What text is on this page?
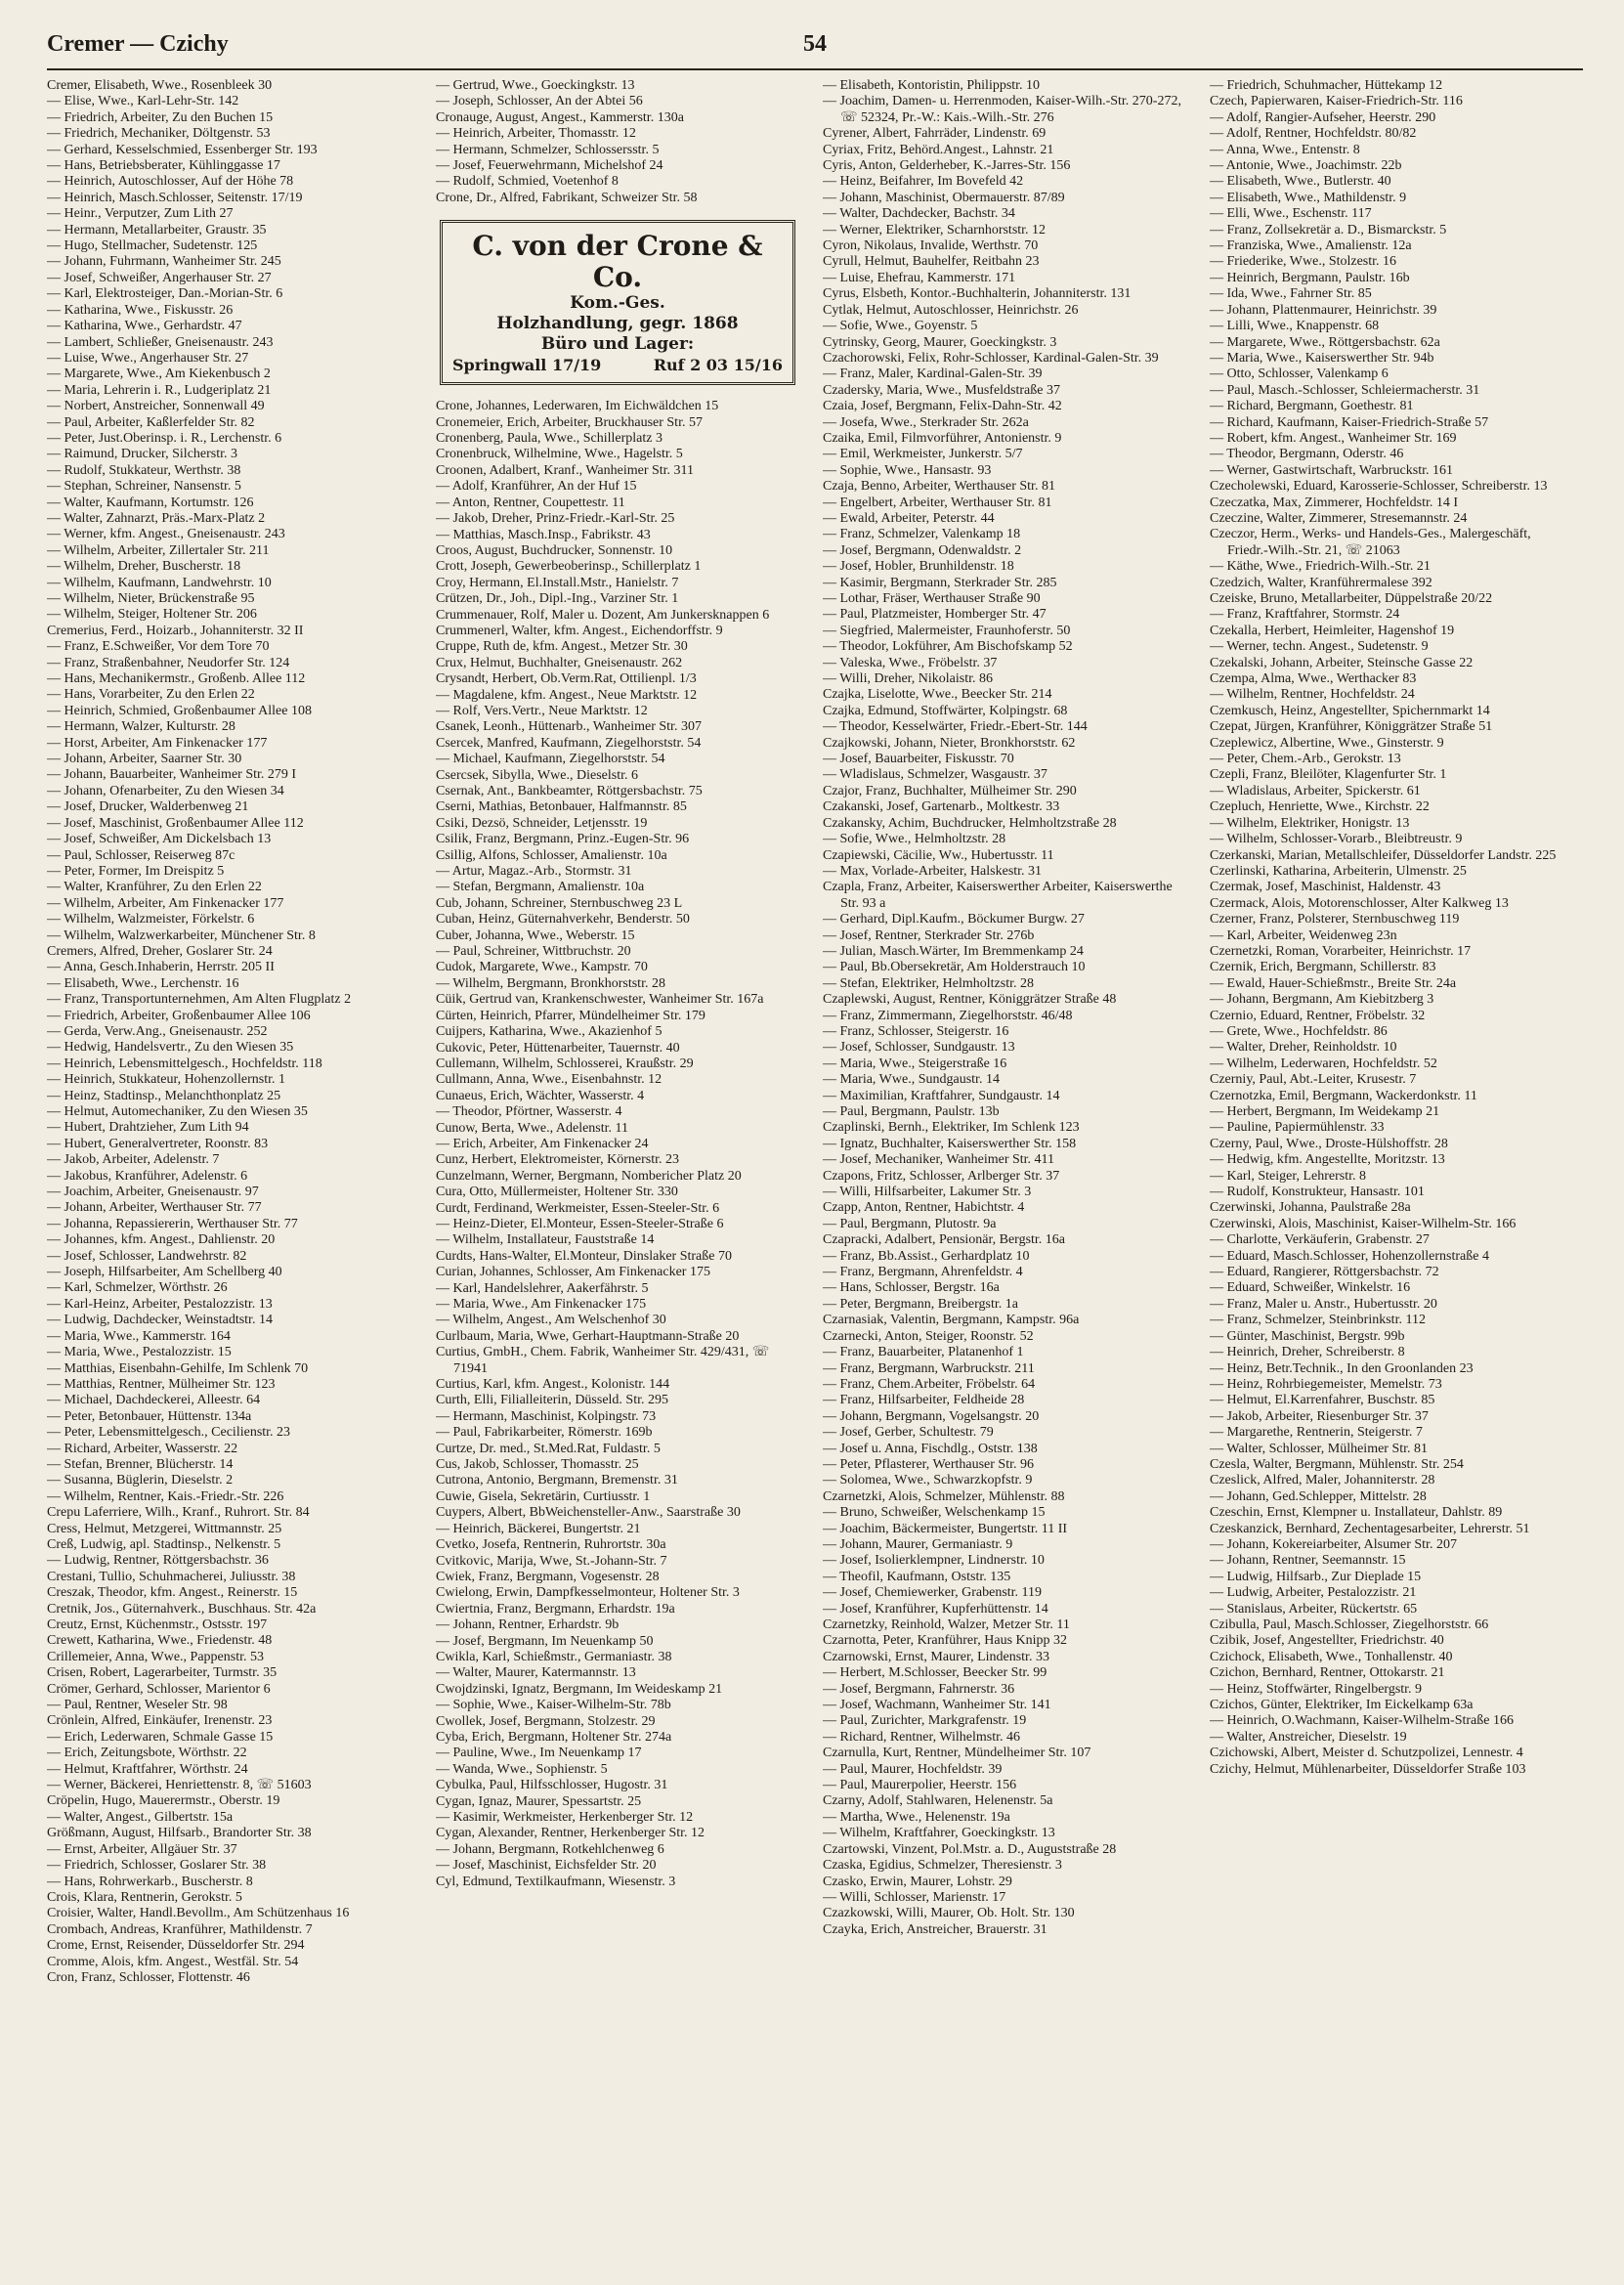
Cremer — Czichy	54
Cremer, Elisabeth, Wwe., Rosenbleek 30
— Elise, Wwe., Karl-Lehr-Str. 142
— Friedrich, Arbeiter, Zu den Buchen 15
— Friedrich, Mechaniker, Döltgenstr. 53
— Gerhard, Kesselschmied, Essenberger Str. 193
— Hans, Betriebsberater, Kühlinggasse 17
— Heinrich, Autoschlosser, Auf der Höhe 78
— Heinrich, Masch.Schlosser, Seitenstr. 17/19
— Heinr., Verputzer, Zum Lith 27
— Hermann, Metallarbeiter, Graustr. 35
— Hugo, Stellmacher, Sudetenstr. 125
— Johann, Fuhrmann, Wanheimer Str. 245
— Josef, Schweißer, Angerhauser Str. 27
— Karl, Elektrosteiger, Dan.-Morian-Str. 6
— Katharina, Wwe., Fiskusstr. 26
— Katharina, Wwe., Gerhardstr. 47
— Lambert, Schließer, Gneisenaustr. 243
— Luise, Wwe., Angerhauser Str. 27
— Margarete, Wwe., Am Kiekenbusch 2
— Maria, Lehrerin i. R., Ludgeriplatz 21
— Norbert, Anstreicher, Sonnenwall 49
— Paul, Arbeiter, Kaßlerfelder Str. 82
— Peter, Just.Oberinsp. i. R., Lerchenstr. 6
— Raimund, Drucker, Silcherstr. 3
— Rudolf, Stukkateur, Werthstr. 38
— Stephan, Schreiner, Nansenstr. 5
— Walter, Kaufmann, Kortumstr. 126
— Walter, Zahnarzt, Präs.-Marx-Platz 2
— Werner, kfm. Angest., Gneisenaustr. 243
— Wilhelm, Arbeiter, Zillertaler Str. 211
— Wilhelm, Dreher, Buscherstr. 18
— Wilhelm, Kaufmann, Landwehrstr. 10
— Wilhelm, Nieter, Brückenstraße 95
— Wilhelm, Steiger, Holtener Str. 206
Cremerius, Ferd., Hoizarb., Johanniterstr. 32 II
— Franz, E.Schweißer, Vor dem Tore 70
— Franz, Straßenbahner, Neudorfer Str. 124
— Hans, Mechanikermstr., Großenb. Allee 112
— Hans, Vorarbeiter, Zu den Erlen 22
— Heinrich, Schmied, Großenbaumer Allee 108
— Hermann, Walzer, Kulturstr. 28
— Horst, Arbeiter, Am Finkenacker 177
— Johann, Arbeiter, Saarner Str. 30
— Johann, Bauarbeiter, Wanheimer Str. 279 I
— Johann, Ofenarbeiter, Zu den Wiesen 34
— Josef, Drucker, Walderbenweg 21
— Josef, Maschinist, Großenbaumer Allee 112
— Josef, Schweißer, Am Dickelsbach 13
— Paul, Schlosser, Reiserweg 87c
— Peter, Former, Im Dreispitz 5
— Walter, Kranführer, Zu den Erlen 22
— Wilhelm, Arbeiter, Am Finkenacker 177
— Wilhelm, Walzmeister, Förkelstr. 6
— Wilhelm, Walzwerkarbeiter, Münchener Str. 8
Cremers, Alfred, Dreher, Goslarer Str. 24
— Anna, Gesch.Inhaberin, Herrstr. 205 II
— Elisabeth, Wwe., Lerchenstr. 16
— Franz, Transportunternehmen, Am Alten Flugplatz 2
— Friedrich, Arbeiter, Großenbaumer Allee 106
— Gerda, Verw.Ang., Gneisenaustr. 252
— Hedwig, Handelsvertr., Zu den Wiesen 35
— Heinrich, Lebensmittelgesch., Hochfeldstr. 118
— Heinrich, Stukkateur, Hohenzollernstr. 1
— Heinz, Stadtinsp., Melanchthonplatz 25
— Helmut, Automechaniker, Zu den Wiesen 35
— Hubert, Drahtzieher, Zum Lith 94
— Hubert, Generalvertreter, Roonstr. 83
— Jakob, Arbeiter, Adelenstr. 7
— Jakobus, Kranführer, Adelenstr. 6
— Joachim, Arbeiter, Gneisenaustr. 97
— Johann, Arbeiter, Werthauser Str. 77
— Johanna, Repassiererin, Werthauser Str. 77
— Johannes, kfm. Angest., Dahlienstr. 20
— Josef, Schlosser, Landwehrstr. 82
— Joseph, Hilfsarbeiter, Am Schellberg 40
— Karl, Schmelzer, Wörthstr. 26
— Karl-Heinz, Arbeiter, Pestalozzistr. 13
— Ludwig, Dachdecker, Weinstadtstr. 14
— Maria, Wwe., Kammerstr. 164
— Maria, Wwe., Pestalozzistr. 15
— Matthias, Eisenbahn-Gehilfe, Im Schlenk 70
— Matthias, Rentner, Mülheimer Str. 123
— Michael, Dachdeckerei, Alleestr. 64
— Peter, Betonbauer, Hüttenstr. 134a
— Peter, Lebensmittelgesch., Cecilienstr. 23
— Richard, Arbeiter, Wasserstr. 22
— Stefan, Brenner, Blücherstr. 14
— Susanna, Büglerin, Dieselstr. 2
— Wilhelm, Rentner, Kais.-Friedr.-Str. 226
Crepu Laferriere, Wilh., Kranf., Ruhrort. Str. 84
Cress, Helmut, Metzgerei, Wittmannstr. 25
Creß, Ludwig, apl. Stadtinsp., Nelkenstr. 5
— Ludwig, Rentner, Röttgersbachstr. 36
Crestani, Tullio, Schuhmacherei, Juliusstr. 38
Creszak, Theodor, kfm. Angest., Reinerstr. 15
Cretnik, Jos., Güternahverk., Buschhaus. Str. 42a
Creutz, Ernst, Küchenmstr., Ostsstr. 197
Crewett, Katharina, Wwe., Friedenstr. 48
Crillemeier, Anna, Wwe., Pappenstr. 53
Crisen, Robert, Lagerarbeiter, Turmstr. 35
Crömer, Gerhard, Schlosser, Marientor 6
— Paul, Rentner, Weseler Str. 98
Crönlein, Alfred, Einkäufer, Irenenstr. 23
— Erich, Lederwaren, Schmale Gasse 15
— Erich, Zeitungsbote, Wörthstr. 22
— Helmut, Kraftfahrer, Wörthstr. 24
— Werner, Bäckerei, Henriettenstr. 8, ☏ 51603
Cröpelin, Hugo, Mauerermstr., Oberstr. 19
— Walter, Angest., Gilbertstr. 15a
Größmann, August, Hilfsarb., Brandorter Str. 38
— Ernst, Arbeiter, Allgäuer Str. 37
— Friedrich, Schlosser, Goslarer Str. 38
— Hans, Rohrwerkarb., Buscherstr. 8
Crois, Klara, Rentnerin, Gerokstr. 5
Croisier, Walter, Handl.Bevollm., Am Schützenhaus 16
Crombach, Andreas, Kranführer, Mathildenstr. 7
Crome, Ernst, Reisender, Düsseldorfer Str. 294
Cromme, Alois, kfm. Angest., Westfäl. Str. 54
Cron, Franz, Schlosser, Flottenstr. 46
— Gertrud, Wwe., Goeckingkstr. 13
— Joseph, Schlosser, An der Abtei 56
Cronauge, August, Angest., Kammerstr. 130a
— Heinrich, Arbeiter, Thomasstr. 12
— Hermann, Schmelzer, Schlossersstr. 5
— Josef, Feuerwehrmann, Michelshof 24
— Rudolf, Schmied, Voetenhof 8
Crone, Dr., Alfred, Fabrikant, Schweizer Str. 58
C. von der Crone & Co.
Kom.-Ges.
Holzhandlung, gegr. 1868
Büro und Lager:
Springwall 17/19	Ruf 2 03 15/16
Crone, Johannes, Lederwaren, Im Eichwäldchen 15
Cronemeier, Erich, Arbeiter, Bruckhauser Str. 57
Cronenberg, Paula, Wwe., Schillerplatz 3
Cronenbruck, Wilhelmine, Wwe., Hagelstr. 5
Croonen, Adalbert, Kranf., Wanheimer Str. 311
— Adolf, Kranführer, An der Huf 15
— Anton, Rentner, Coupettestr. 11
— Jakob, Dreher, Prinz-Friedr.-Karl-Str. 25
— Matthias, Masch.Insp., Fabrikstr. 43
Croos, August, Buchdrucker, Sonnenstr. 10
Crott, Joseph, Gewerbeoberinsp., Schillerplatz 1
Croy, Hermann, El.Install.Mstr., Hanielstr. 7
Crützen, Dr., Joh., Dipl.-Ing., Varziner Str. 1
Crummenauer, Rolf, Maler u. Dozent, Am Junkersknappen 6
Crummenerl, Walter, kfm. Angest., Eichendorffstr. 9
Cruppe, Ruth de, kfm. Angest., Metzer Str. 30
Crux, Helmut, Buchhalter, Gneisenaustr. 262
Crysandt, Herbert, Ob.Verm.Rat, Ottilienpl. 1/3
— Magdalene, kfm. Angest., Neue Marktstr. 12
— Rolf, Vers.Vertr., Neue Marktstr. 12
Csanek, Leonh., Hüttenarb., Wanheimer Str. 307
Csercek, Manfred, Kaufmann, Ziegelhorststr. 54
— Michael, Kaufmann, Ziegelhorststr. 54
Csercsek, Sibylla, Wwe., Dieselstr. 6
Csernak, Ant., Bankbeamter, Röttgersbachstr. 75
Cserni, Mathias, Betonbauer, Halfmannstr. 85
Csiki, Dezsö, Schneider, Letjensstr. 19
Csilik, Franz, Bergmann, Prinz.-Eugen-Str. 96
Csillig, Alfons, Schlosser, Amalienstr. 10a
— Artur, Magaz.-Arb., Stormstr. 31
— Stefan, Bergmann, Amalienstr. 10a
Cub, Johann, Schreiner, Sternbuschweg 23 L
Cuban, Heinz, Güternahverkehr, Benderstr. 50
Cuber, Johanna, Wwe., Weberstr. 15
— Paul, Schreiner, Wittbruchstr. 20
Cudok, Margarete, Wwe., Kampstr. 70
— Wilhelm, Bergmann, Bronkhorststr. 28
Cüik, Gertrud van, Krankenschwester, Wanheimer Str. 167a
Cürten, Heinrich, Pfarrer, Mündelheimer Str. 179
Cuijpers, Katharina, Wwe., Akazienhof 5
Cukovic, Peter, Hüttenarbeiter, Tauernstr. 40
Cullemann, Wilhelm, Schlosserei, Kraußstr. 29
Cullmann, Anna, Wwe., Eisenbahnstr. 12
Cunaeus, Erich, Wächter, Wasserstr. 4
— Theodor, Pförtner, Wasserstr. 4
Cunow, Berta, Wwe., Adelenstr. 11
— Erich, Arbeiter, Am Finkenacker 24
Cunz, Herbert, Elektromeister, Körnerstr. 23
Cunzelmann, Werner, Bergmann, Nombericher Platz 20
Cura, Otto, Müllermeister, Holtener Str. 330
Curdt, Ferdinand, Werkmeister, Essen-Steeler-Str. 6
— Heinz-Dieter, El.Monteur, Essen-Steeler-Straße 6
— Wilhelm, Installateur, Fauststraße 14
Curdts, Hans-Walter, El.Monteur, Dinslaker Straße 70
Curian, Johannes, Schlosser, Am Finkenacker 175
— Karl, Handelslehrer, Aakerfährstr. 5
— Maria, Wwe., Am Finkenacker 175
— Wilhelm, Angest., Am Welschenhof 30
Curlbaum, Maria, Wwe, Gerhart-Hauptmann-Straße 20
Curtius, GmbH., Chem. Fabrik, Wanheimer Str. 429/431, ☏ 71941
Curtius, Karl, kfm. Angest., Kolonistr. 144
Curth, Elli, Filialleiterin, Düsseld. Str. 295
— Hermann, Maschinist, Kolpingstr. 73
— Paul, Fabrikarbeiter, Römerstr. 169b
Curtze, Dr. med., St.Med.Rat, Fuldastr. 5
Cus, Jakob, Schlosser, Thomasstr. 25
Cutrona, Antonio, Bergmann, Bremenstr. 31
Cuwie, Gisela, Sekretärin, Curtiusstr. 1
Cuypers, Albert, BbWeichensteller-Anw., Saarstraße 30
— Heinrich, Bäckerei, Bungertstr. 21
Cvetko, Josefa, Rentnerin, Ruhrortstr. 30a
Cvitkovic, Marija, Wwe, St.-Johann-Str. 7
Cwiek, Franz, Bergmann, Vogesenstr. 28
Cwielong, Erwin, Dampfkesselmonteur, Holtener Str. 3
Cwiertnia, Franz, Bergmann, Erhardstr. 19a
— Johann, Rentner, Erhardstr. 9b
— Josef, Bergmann, Im Neuenkamp 50
Cwikla, Karl, Schießmstr., Germaniastr. 38
— Walter, Maurer, Katermannstr. 13
Cwojdzinski, Ignatz, Bergmann, Im Weideskamp 21
— Sophie, Wwe., Kaiser-Wilhelm-Str. 78b
Cwollek, Josef, Bergmann, Stolzestr. 29
Cyba, Erich, Bergmann, Holtener Str. 274a
— Pauline, Wwe., Im Neuenkamp 17
— Wanda, Wwe., Sophienstr. 5
Cybulka, Paul, Hilfsschlosser, Hugostr. 31
Cygan, Ignaz, Maurer, Spessartstr. 25
— Kasimir, Werkmeister, Herkenberger Str. 12
Cygan, Alexander, Rentner, Herkenberger Str. 12
— Johann, Bergmann, Rotkehlchenweg 6
— Josef, Maschinist, Eichsfelder Str. 20
Cyl, Edmund, Textilkaufmann, Wiesenstr. 3
— Elisabeth, Kontoristin, Philippstr. 10
— Joachim, Damen- u. Herrenmoden, Kaiser-Wilh.-Str. 270-272, ☏ 52324, Pr.-W.: Kais.-Wilh.-Str. 276
Cyrener, Albert, Fahrräder, Lindenstr. 69
Cyriax, Fritz, Behörd.Angest., Lahnstr. 21
Cyris, Anton, Gelderheber, K.-Jarres-Str. 156
— Heinz, Beifahrer, Im Bovefeld 42
— Johann, Maschinist, Obermauerstr. 87/89
— Walter, Dachdecker, Bachstr. 34
— Werner, Elektriker, Scharnhorststr. 12
Cyron, Nikolaus, Invalide, Werthstr. 70
Cyrull, Helmut, Bauhelfer, Reitbahn 23
— Luise, Ehefrau, Kammerstr. 171
Cyrus, Elsbeth, Kontor.-Buchhalterin, Johanniterstr. 131
Cytlak, Helmut, Autoschlosser, Heinrichstr. 26
— Sofie, Wwe., Goyenstr. 5
Cytrinsky, Georg, Maurer, Goeckingkstr. 3
Czachorowski, Felix, Rohr-Schlosser, Kardinal-Galen-Str. 39
— Franz, Maler, Kardinal-Galen-Str. 39
Czadersky, Maria, Wwe., Musfeldstraße 37
Czaia, Josef, Bergmann, Felix-Dahn-Str. 42
— Josefa, Wwe., Sterkrader Str. 262a
Czaika, Emil, Filmvorführer, Antonienstr. 9
— Emil, Werkmeister, Junkerstr. 5/7
— Sophie, Wwe., Hansastr. 93
Czaja, Benno, Arbeiter, Werthauser Str. 81
— Engelbert, Arbeiter, Werthauser Str. 81
— Ewald, Arbeiter, Peterstr. 44
— Franz, Schmelzer, Valenkamp 18
— Josef, Bergmann, Odenwaldstr. 2
— Josef, Hobler, Brunhildenstr. 18
— Kasimir, Bergmann, Sterkrader Str. 285
— Lothar, Fräser, Werthauser Straße 90
— Paul, Platzmeister, Homberger Str. 47
— Siegfried, Malermeister, Fraunhoferstr. 50
— Theodor, Lokführer, Am Bischofskamp 52
— Valeska, Wwe., Fröbelstr. 37
— Willi, Dreher, Nikolaistr. 86
Czajka, Liselotte, Wwe., Beecker Str. 214
Czajka, Edmund, Stoffwärter, Kolpingstr. 68
— Theodor, Kesselwärter, Friedr.-Ebert-Str. 144
Czajkowski, Johann, Nieter, Bronkhorststr. 62
— Josef, Bauarbeiter, Fiskusstr. 70
— Wladislaus, Schmelzer, Wasgaustr. 37
Czajor, Franz, Buchhalter, Mülheimer Str. 290
Czakanski, Josef, Gartenarb., Moltkestr. 33
Czakansky, Achim, Buchdrucker, Helmholtzstraße 28
— Sofie, Wwe., Helmholtzstr. 28
Czapiewski, Cäcilie, Ww., Hubertusstr. 11
— Max, Vorlade-Arbeiter, Halskestr. 31
Czapla, Franz, Arbeiter, Kaiserswerther Arbeiter, Kaiserswerthe Str. 93 a
— Gerhard, Dipl.Kaufm., Böckumer Burgw. 27
— Josef, Rentner, Sterkrader Str. 276b
— Julian, Masch.Wärter, Im Bremmenkamp 24
— Paul, Bb.Obersekretär, Am Holderstrauch 10
— Stefan, Elektriker, Helmholtzstr. 28
Czaplewski, August, Rentner, Königgrätzer Straße 48
— Franz, Zimmermann, Ziegelhorststr. 46/48
— Franz, Schlosser, Steigerstr. 16
— Josef, Schlosser, Sundgaustr. 13
— Maria, Wwe., Steigerstraße 16
— Maria, Wwe., Sundgaustr. 14
— Maximilian, Kraftfahrer, Sundgaustr. 14
— Paul, Bergmann, Paulstr. 13b
Czaplinski, Bernh., Elektriker, Im Schlenk 123
— Ignatz, Buchhalter, Kaiserswerther Str. 158
— Josef, Mechaniker, Wanheimer Str. 411
Czapons, Fritz, Schlosser, Arlberger Str. 37
— Willi, Hilfsarbeiter, Lakumer Str. 3
Czapp, Anton, Rentner, Habichtstr. 4
— Paul, Bergmann, Plutostr. 9a
Czapracki, Adalbert, Pensionär, Bergstr. 16a
— Franz, Bb.Assist., Gerhardplatz 10
— Franz, Bergmann, Ahrenfeldstr. 4
— Hans, Schlosser, Bergstr. 16a
— Peter, Bergmann, Breibergstr. 1a
Czarnasiak, Valentin, Bergmann, Kampstr. 96a
Czarnecki, Anton, Steiger, Roonstr. 52
— Franz, Bauarbeiter, Platanenhof 1
— Franz, Bergmann, Warbruckstr. 211
— Franz, Chem.Arbeiter, Fröbelstr. 64
— Franz, Hilfsarbeiter, Feldheide 28
— Johann, Bergmann, Vogelsangstr. 20
— Josef, Gerber, Schultestr. 79
— Josef u. Anna, Fischdlg., Oststr. 138
— Peter, Pflasterer, Werthauser Str. 96
— Solomea, Wwe., Schwarzkopfstr. 9
Czarnetzki, Alois, Schmelzer, Mühlenstr. 88
— Bruno, Schweißer, Welschenkamp 15
— Joachim, Bäckermeister, Bungertstr. 11 II
— Johann, Maurer, Germaniastr. 9
— Josef, Isolierklempner, Lindnerstr. 10
— Theofil, Kaufmann, Oststr. 135
— Josef, Chemiewerker, Grabenstr. 119
— Josef, Kranführer, Kupferhüttenstr. 14
Czarnetzky, Reinhold, Walzer, Metzer Str. 11
Czarnotta, Peter, Kranführer, Haus Knipp 32
Czarnowski, Ernst, Maurer, Lindenstr. 33
— Herbert, M.Schlosser, Beecker Str. 99
— Josef, Bergmann, Fahrnerstr. 36
— Josef, Wachmann, Wanheimer Str. 141
— Paul, Zurichter, Markgrafenstr. 19
— Richard, Rentner, Wilhelmstr. 46
Czarnulla, Kurt, Rentner, Mündelheimer Str. 107
— Paul, Maurer, Hochfeldstr. 39
— Paul, Maurerpolier, Heerstr. 156
Czarny, Adolf, Stahlwaren, Helenenstr. 5a
— Martha, Wwe., Helenenstr. 19a
— Wilhelm, Kraftfahrer, Goeckingkstr. 13
Czartowski, Vinzent, Pol.Mstr. a. D., Auguststraße 28
Czaska, Egidius, Schmelzer, Theresienstr. 3
Czasko, Erwin, Maurer, Lohstr. 29
— Willi, Schlosser, Marienstr. 17
Czazkowski, Willi, Maurer, Ob. Holt. Str. 130
Czayka, Erich, Anstreicher, Brauerstr. 31
— Friedrich, Schuhmacher, Hüttekamp 12
Czech, Papierwaren, Kaiser-Friedrich-Str. 116
— Adolf, Rangier-Aufseher, Heerstr. 290
— Adolf, Rentner, Hochfeldstr. 80/82
— Anna, Wwe., Entenstr. 8
— Antonie, Wwe., Joachimstr. 22b
— Elisabeth, Wwe., Butlerstr. 40
— Elisabeth, Wwe., Mathildenstr. 9
— Elli, Wwe., Eschenstr. 117
— Franz, Zollsekretär a. D., Bismarckstr. 5
— Franziska, Wwe., Amalienstr. 12a
— Friederike, Wwe., Stolzestr. 16
— Heinrich, Bergmann, Paulstr. 16b
— Ida, Wwe., Fahrner Str. 85
— Johann, Plattenmaurer, Heinrichstr. 39
— Lilli, Wwe., Knappenstr. 68
— Margarete, Wwe., Röttgersbachstr. 62a
— Maria, Wwe., Kaiserswerther Str. 94b
— Otto, Schlosser, Valenkamp 6
— Paul, Masch.-Schlosser, Schleiermacherstr. 31
— Richard, Bergmann, Goethestr. 81
— Richard, Kaufmann, Kaiser-Friedrich-Straße 57
— Robert, kfm. Angest., Wanheimer Str. 169
— Theodor, Bergmann, Oderstr. 46
— Werner, Gastwirtschaft, Warbruckstr. 161
Czecholewski, Eduard, Karosserie-Schlosser, Schreiberstr. 13
Czeczatka, Max, Zimmerer, Hochfeldstr. 14 I
Czeczine, Walter, Zimmerer, Stresemannstr. 24
Czeczor, Herm., Werks- und Handels-Ges., Malergeschäft, Friedr.-Wilh.-Str. 21, ☏ 21063
— Käthe, Wwe., Friedrich-Wilh.-Str. 21
Czedzich, Walter, Kranführermalese 392
Czeiske, Bruno, Metallarbeiter, Düppelstraße 20/22
— Franz, Kraftfahrer, Stormstr. 24
Czekalla, Herbert, Heimleiter, Hagenshof 19
— Werner, techn. Angest., Sudetenstr. 9
Czekalski, Johann, Arbeiter, Steinsche Gasse 22
Czempa, Alma, Wwe., Werthacker 83
— Wilhelm, Rentner, Hochfeldstr. 24
Czemkusch, Heinz, Angestellter, Spichernmarkt 14
Czepat, Jürgen, Kranführer, Königgrätzer Straße 51
Czeplewicz, Albertine, Wwe., Ginsterstr. 9
— Peter, Chem.-Arb., Gerokstr. 13
Czepli, Franz, Bleilöter, Klagenfurter Str. 1
— Wladislaus, Arbeiter, Spickerstr. 61
Czepluch, Henriette, Wwe., Kirchstr. 22
— Wilhelm, Elektriker, Honigstr. 13
— Wilhelm, Schlosser-Vorarb., Bleibtreustr. 9
Czerkanski, Marian, Metallschleifer, Düsseldorfer Landstr. 225
Czerlinski, Katharina, Arbeiterin, Ulmenstr. 25
Czermak, Josef, Maschinist, Haldenstr. 43
Czermack, Alois, Motorenschlosser, Alter Kalkweg 13
Czerner, Franz, Polsterer, Sternbuschweg 119
— Karl, Arbeiter, Weidenweg 23n
Czernetzki, Roman, Vorarbeiter, Heinrichstr. 17
Czernik, Erich, Bergmann, Schillerstr. 83
— Ewald, Hauer-Schießmstr., Breite Str. 24a
— Johann, Bergmann, Am Kiebitzberg 3
Czernio, Eduard, Rentner, Fröbelstr. 32
— Grete, Wwe., Hochfeldstr. 86
— Walter, Dreher, Reinholdstr. 10
— Wilhelm, Lederwaren, Hochfeldstr. 52
Czerniy, Paul, Abt.-Leiter, Krusestr. 7
Czernotzka, Emil, Bergmann, Wackerdonkstr. 11
— Herbert, Bergmann, Im Weidekamp 21
— Pauline, Papiermühlenstr. 33
Czerny, Paul, Wwe., Droste-Hülshoffstr. 28
— Hedwig, kfm. Angestellte, Moritzstr. 13
— Karl, Steiger, Lehrerstr. 8
— Rudolf, Konstrukteur, Hansastr. 101
Czerwinski, Johanna, Paulstraße 28a
Czerwinski, Alois, Maschinist, Kaiser-Wilhelm-Str. 166
— Charlotte, Verkäuferin, Grabenstr. 27
— Eduard, Masch.Schlosser, Hohenzollernstraße 4
— Eduard, Rangierer, Röttgersbachstr. 72
— Eduard, Schweißer, Winkelstr. 16
— Franz, Maler u. Anstr., Hubertusstr. 20
— Franz, Schmelzer, Steinbrinkstr. 112
— Günter, Maschinist, Bergstr. 99b
— Heinrich, Dreher, Schreiberstr. 8
— Heinz, Betr.Technik., In den Groonlanden 23
— Heinz, Rohrbiegemeister, Memelstr. 73
— Helmut, El.Karrenfahrer, Buschstr. 85
— Jakob, Arbeiter, Riesenburger Str. 37
— Margarethe, Rentnerin, Steigerstr. 7
— Walter, Schlosser, Mülheimer Str. 81
Czesla, Walter, Bergmann, Mühlenstr. Str. 254
Czeslick, Alfred, Maler, Johanniterstr. 28
— Johann, Ged.Schlepper, Mittelstr. 28
Czeschin, Ernst, Klempner u. Installateur, Dahlstr. 89
Czeskanzick, Bernhard, Zechentagesarbeiter, Lehrerstr. 51
— Johann, Kokereiarbeiter, Alsumer Str. 207
— Johann, Rentner, Seemannstr. 15
— Ludwig, Hilfsarb., Zur Dieplade 15
— Ludwig, Arbeiter, Pestalozzistr. 21
— Stanislaus, Arbeiter, Rückertstr. 65
Czibulla, Paul, Masch.Schlosser, Ziegelhorststr. 66
Czibik, Josef, Angestellter, Friedrichstr. 40
Czichock, Elisabeth, Wwe., Tonhallenstr. 40
Czichon, Bernhard, Rentner, Ottokarstr. 21
— Heinz, Stoffwärter, Ringelbergstr. 9
Czichos, Günter, Elektriker, Im Eickelkamp 63a
— Heinrich, O.Wachmann, Kaiser-Wilhelm-Straße 166
— Walter, Anstreicher, Dieselstr. 19
Czichowski, Albert, Meister d. Schutzpolizei, Lennestr. 4
Czichy, Helmut, Mühlenarbeiter, Düsseldorfer Straße 103
